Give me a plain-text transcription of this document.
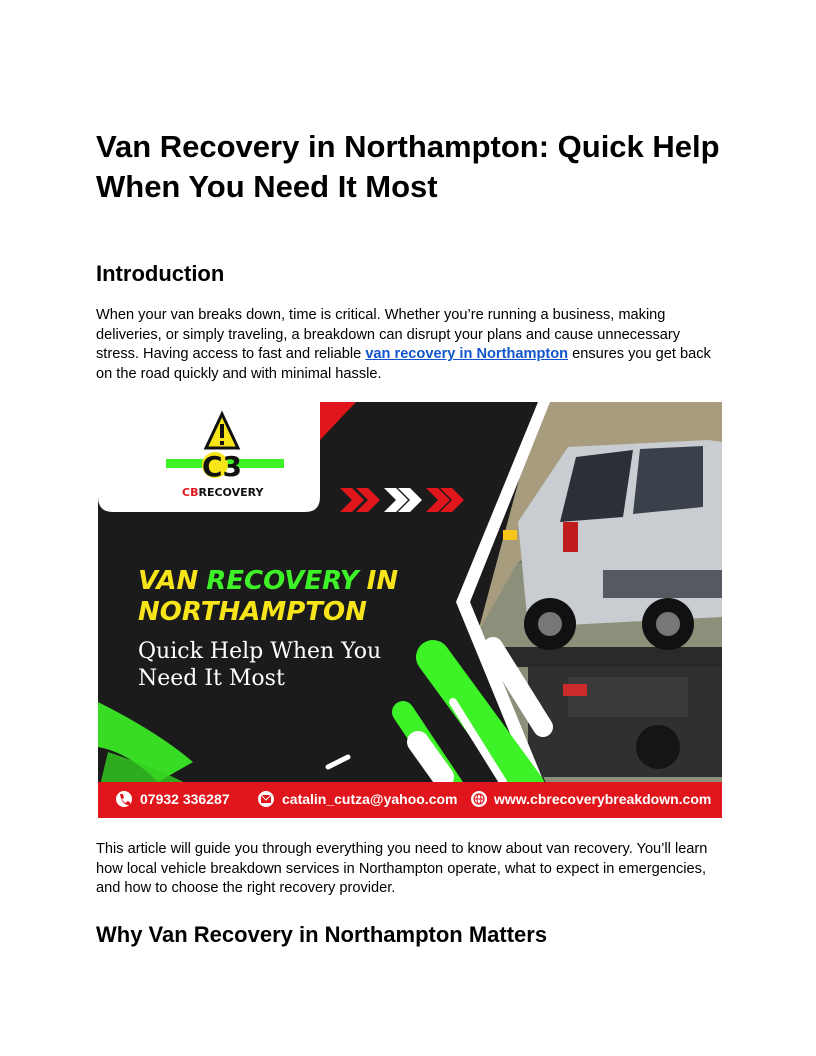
Van Recovery in Northampton: Quick Help
When You Need It Most
Introduction

When your van breaks down, time is critical. Whether you’re running a business, making deliveries, or simply traveling, a breakdown can disrupt your plans and cause unnecessary stress. Having access to fast and reliable van recovery in Northampton ensures you get back on the road quickly and with minimal hassle.

This article will guide you through everything you need to know about van recovery. You’ll learn how local vehicle breakdown services in Northampton operate, what to expect in emergencies, and how to choose the right recovery provider.

Why Van Recovery in Northampton Matters
C3
CBRECOVERY
VAN RECOVERY IN
NORTHAMPTON
Quick Help When You
Need It Most
07932 336287	catalin_cutza@yahoo.com	www.cbrecoverybreakdown.com
